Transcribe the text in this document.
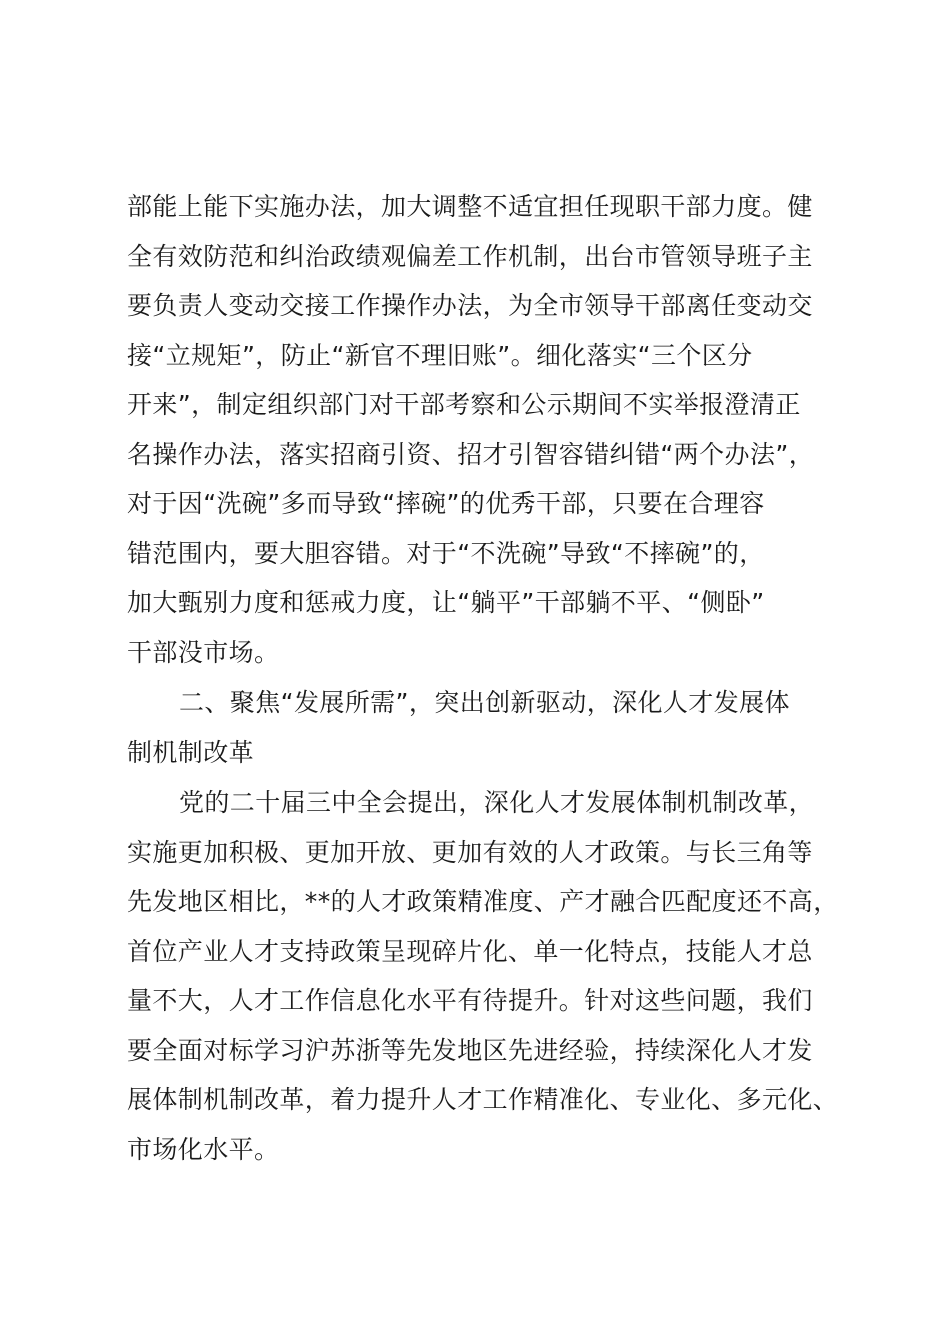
部能上能下实施办法，加大调整不适宜担任现职干部力度。健
全有效防范和纠治政绩观偏差工作机制，出台市管领导班子主
要负责人变动交接工作操作办法，为全市领导干部离任变动交
接“立规矩”，防止“新官不理旧账”。细化落实“三个区分
开来”，制定组织部门对干部考察和公示期间不实举报澄清正
名操作办法，落实招商引资、招才引智容错纠错“两个办法”，
对于因“洗碗”多而导致“摔碗”的优秀干部，只要在合理容
错范围内，要大胆容错。对于“不洗碗”导致“不摔碗”的，
加大甄别力度和惩戒力度，让“躺平”干部躺不平、“侧卧”
干部没市场。
二、聚焦“发展所需”，突出创新驱动，深化人才发展体
制机制改革
党的二十届三中全会提出，深化人才发展体制机制改革，
实施更加积极、更加开放、更加有效的人才政策。与长三角等
先发地区相比，**的人才政策精准度、产才融合匹配度还不高，
首位产业人才支持政策呈现碎片化、单一化特点，技能人才总
量不大，人才工作信息化水平有待提升。针对这些问题，我们
要全面对标学习沪苏浙等先发地区先进经验，持续深化人才发
展体制机制改革，着力提升人才工作精准化、专业化、多元化、
市场化水平。
